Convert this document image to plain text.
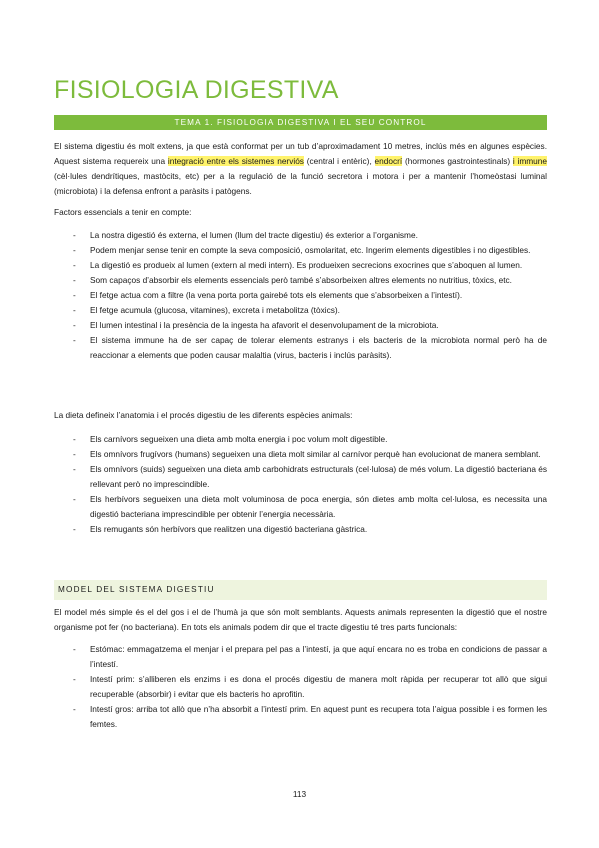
FISIOLOGIA DIGESTIVA
TEMA 1. FISIOLOGIA DIGESTIVA I EL SEU CONTROL

El sistema digestiu és molt extens, ja que està conformat per un tub d’aproximadament 10 metres, inclús més en algunes espècies. Aquest sistema requereix una integració entre els sistemes nerviós (central i entèric), endocrí (hormones gastrointestinals) i immune (cèl·lules dendrítiques, mastòcits, etc) per a la regulació de la funció secretora i motora i per a mantenir l’homeòstasi luminal (microbiota) i la defensa enfront a paràsits i patògens.

Factors essencials a tenir en compte:

- La nostra digestió és externa, el lumen (llum del tracte digestiu) és exterior a l’organisme.
- Podem menjar sense tenir en compte la seva composició, osmolaritat, etc. Ingerim elements digestibles i no digestibles.
- La digestió es produeix al lumen (extern al medi intern). Es produeixen secrecions exocrines que s’aboquen al lumen.
- Som capaços d’absorbir els elements essencials però també s’absorbeixen altres elements no nutritius, tòxics, etc.
- El fetge actua com a filtre (la vena porta porta gairebé tots els elements que s’absorbeixen a l’intestí).
- El fetge acumula (glucosa, vitamines), excreta i metabolitza (tòxics).
- El lumen intestinal i la presència de la ingesta ha afavorit el desenvolupament de la microbiota.
- El sistema immune ha de ser capaç de tolerar elements estranys i els bacteris de la microbiota normal però ha de reaccionar a elements que poden causar malaltia (virus, bacteris i inclús paràsits).

La dieta defineix l’anatomia i el procés digestiu de les diferents espècies animals:

- Els carnívors segueixen una dieta amb molta energia i poc volum molt digestible.
- Els omnívors frugívors (humans) segueixen una dieta molt similar al carnívor perquè han evolucionat de manera semblant.
- Els omnívors (suids) segueixen una dieta amb carbohidrats estructurals (cel·lulosa) de més volum. La digestió bacteriana és rellevant però no imprescindible.
- Els herbívors segueixen una dieta molt voluminosa de poca energia, són dietes amb molta cel·lulosa, es necessita una digestió bacteriana imprescindible per obtenir l’energia necessària.
- Els remugants són herbívors que realitzen una digestió bacteriana gàstrica.
MODEL DEL SISTEMA DIGESTIU

El model més simple és el del gos i el de l’humà ja que són molt semblants. Aquests animals representen la digestió que el nostre organisme pot fer (no bacteriana). En tots els animals podem dir que el tracte digestiu té tres parts funcionals:

- Estómac: emmagatzema el menjar i el prepara pel pas a l’intestí, ja que aquí encara no es troba en condicions de passar a l’intestí.
- Intestí prim: s’alliberen els enzims i es dona el procés digestiu de manera molt ràpida per recuperar tot allò que sigui recuperable (absorbir) i evitar que els bacteris ho aprofitin.
- Intestí gros: arriba tot allò que n’ha absorbit a l’intestí prim. En aquest punt es recupera tota l’aigua possible i es formen les femtes.
113
